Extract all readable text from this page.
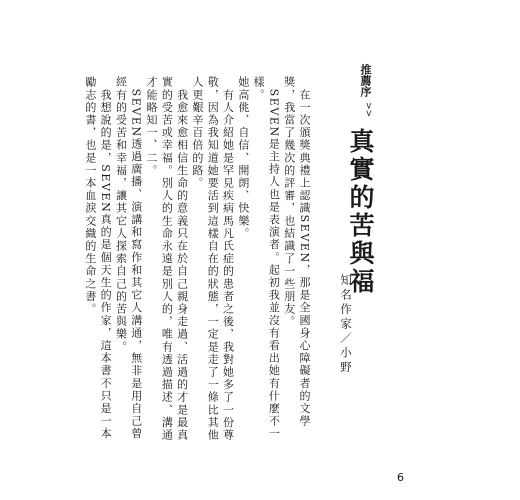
推薦序
>>
真實的苦與福
知名作家／小野

　在一次頒獎典禮上認識SEVEN，那是全國身心障礙者的文學獎，我當了幾次的評審，也結識了一些朋友。

　SEVEN是主持人也是表演者。起初我並沒有看出她有什麼不一樣。

她高佻、自信、開朗、快樂。

　有人介紹她是罕見疾病馬凡氏症的患者之後，我對她多了一份尊敬，因為我知道她要活到這樣自在的狀態，一定是走了一條比其他人更艱辛百倍的路。

　我愈來愈相信生命的意義只在於自己親身走過、活過的才是最真實的受苦或幸福。別人的生命永遠是別人的，唯有透過描述、溝通才能略知一、二。

　SEVEN透過廣播、演講和寫作和其它人溝通，無非是用自己曾經有的受苦和幸福，讓其它人探索自己的苦與樂。

　我想說的是，SEVEN真的是個天生的作家，這本書不只是一本勵志的書，也是一本血淚交織的生命之書。

6
